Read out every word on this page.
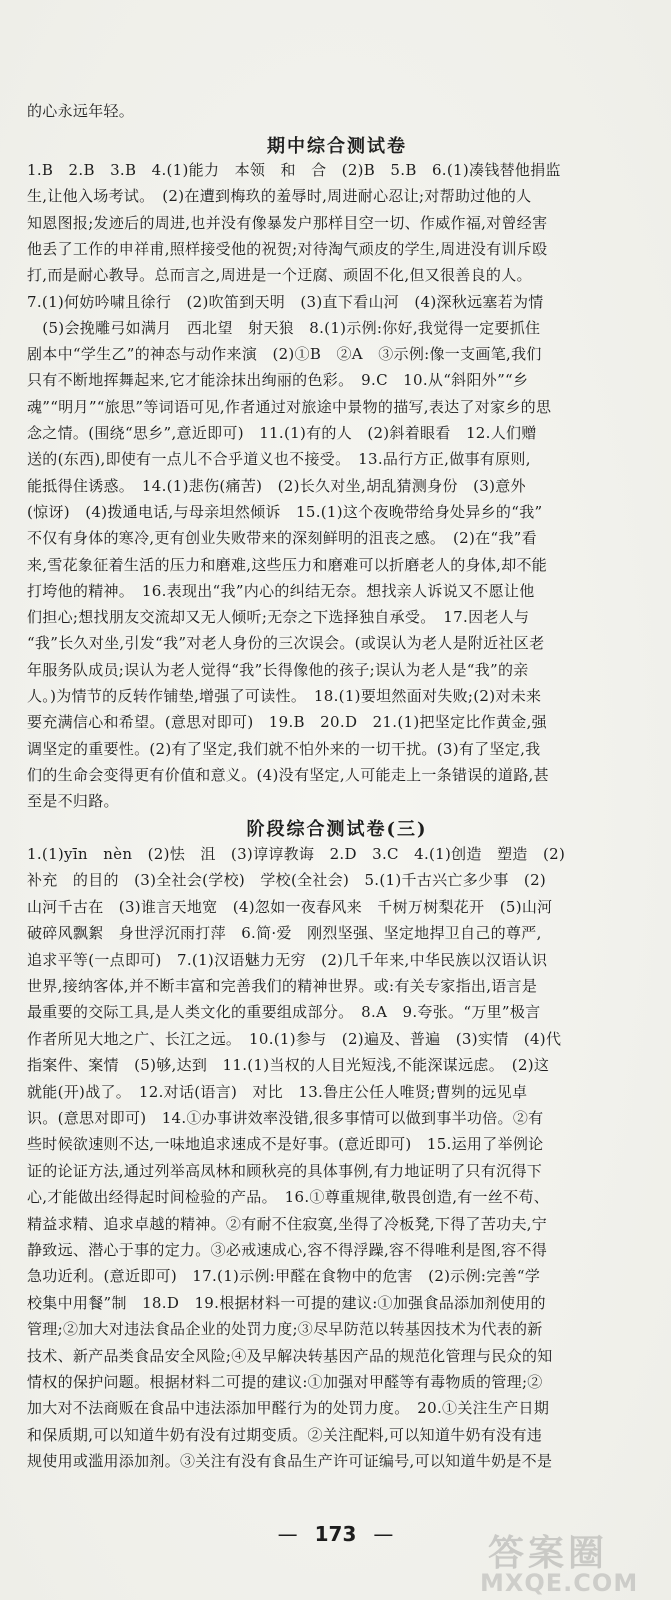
的心永远年轻。
期中综合测试卷
1.B　2.B　3.B　4.(1)能力　本领　和　合　(2)B　5.B　6.(1)凑钱替他捐监
生,让他入场考试。　(2)在遭到梅玖的羞辱时,周进耐心忍让;对帮助过他的人
知恩图报;发迹后的周进,也并没有像暴发户那样目空一切、作威作福,对曾经害
他丢了工作的申祥甫,照样接受他的祝贺;对待淘气顽皮的学生,周进没有训斥殴
打,而是耐心教导。总而言之,周进是一个迂腐、顽固不化,但又很善良的人。
7.(1)何妨吟啸且徐行　(2)吹笛到天明　(3)直下看山河　(4)深秋远塞若为情
　(5)会挽雕弓如满月　西北望　射天狼　8.(1)示例:你好,我觉得一定要抓住
剧本中“学生乙”的神态与动作来演　(2)①B　②A　③示例:像一支画笔,我们
只有不断地挥舞起来,它才能涂抹出绚丽的色彩。　9.C　10.从“斜阳外”“乡
魂”“明月”“旅思”等词语可见,作者通过对旅途中景物的描写,表达了对家乡的思
念之情。(围绕“思乡”,意近即可)　11.(1)有的人　(2)斜着眼看　12.人们赠
送的(东西),即使有一点儿不合乎道义也不接受。　13.品行方正,做事有原则,
能抵得住诱惑。　14.(1)悲伤(痛苦)　(2)长久对坐,胡乱猜测身份　(3)意外
(惊讶)　(4)拨通电话,与母亲坦然倾诉　15.(1)这个夜晚带给身处异乡的“我”
不仅有身体的寒冷,更有创业失败带来的深刻鲜明的沮丧之感。　(2)在“我”看
来,雪花象征着生活的压力和磨难,这些压力和磨难可以折磨老人的身体,却不能
打垮他的精神。　16.表现出“我”内心的纠结无奈。想找亲人诉说又不愿让他
们担心;想找朋友交流却又无人倾听;无奈之下选择独自承受。　17.因老人与
“我”长久对坐,引发“我”对老人身份的三次误会。(或误认为老人是附近社区老
年服务队成员;误认为老人觉得“我”长得像他的孩子;误认为老人是“我”的亲
人。)为情节的反转作铺垫,增强了可读性。　18.(1)要坦然面对失败;(2)对未来
要充满信心和希望。(意思对即可)　19.B　20.D　21.(1)把坚定比作黄金,强
调坚定的重要性。(2)有了坚定,我们就不怕外来的一切干扰。(3)有了坚定,我
们的生命会变得更有价值和意义。(4)没有坚定,人可能走上一条错误的道路,甚
至是不归路。
阶段综合测试卷(三)
1.(1)yīn　nèn　(2)怯　沮　(3)谆谆教诲　2.D　3.C　4.(1)创造　塑造　(2)
补充　的目的　(3)全社会(学校)　学校(全社会)　5.(1)千古兴亡多少事　(2)
山河千古在　(3)谁言天地宽　(4)忽如一夜春风来　千树万树梨花开　(5)山河
破碎风飘絮　身世浮沉雨打萍　6.简·爱　刚烈坚强、坚定地捍卫自己的尊严,
追求平等(一点即可)　7.(1)汉语魅力无穷　(2)几千年来,中华民族以汉语认识
世界,接纳客体,并不断丰富和完善我们的精神世界。或:有关专家指出,语言是
最重要的交际工具,是人类文化的重要组成部分。　8.A　9.夸张。“万里”极言
作者所见大地之广、长江之远。　10.(1)参与　(2)遍及、普遍　(3)实情　(4)代
指案件、案情　(5)够,达到　11.(1)当权的人目光短浅,不能深谋远虑。　(2)这
就能(开)战了。　12.对话(语言)　对比　13.鲁庄公任人唯贤;曹刿的远见卓
识。(意思对即可)　14.①办事讲效率没错,很多事情可以做到事半功倍。②有
些时候欲速则不达,一味地追求速成不是好事。(意近即可)　15.运用了举例论
证的论证方法,通过列举高凤林和顾秋亮的具体事例,有力地证明了只有沉得下
心,才能做出经得起时间检验的产品。　16.①尊重规律,敬畏创造,有一丝不苟、
精益求精、追求卓越的精神。②有耐不住寂寞,坐得了冷板凳,下得了苦功夫,宁
静致远、潜心于事的定力。③必戒速成心,容不得浮躁,容不得唯利是图,容不得
急功近利。(意近即可)　17.(1)示例:甲醛在食物中的危害　(2)示例:完善“学
校集中用餐”制　18.D　19.根据材料一可提的建议:①加强食品添加剂使用的
管理;②加大对违法食品企业的处罚力度;③尽早防范以转基因技术为代表的新
技术、新产品类食品安全风险;④及早解决转基因产品的规范化管理与民众的知
情权的保护问题。根据材料二可提的建议:①加强对甲醛等有毒物质的管理;②
加大对不法商贩在食品中违法添加甲醛行为的处罚力度。　20.①关注生产日期
和保质期,可以知道牛奶有没有过期变质。②关注配料,可以知道牛奶有没有违
规使用或滥用添加剂。③关注有没有食品生产许可证编号,可以知道牛奶是不是
— 173 —	答案圈
MXQE.COM
